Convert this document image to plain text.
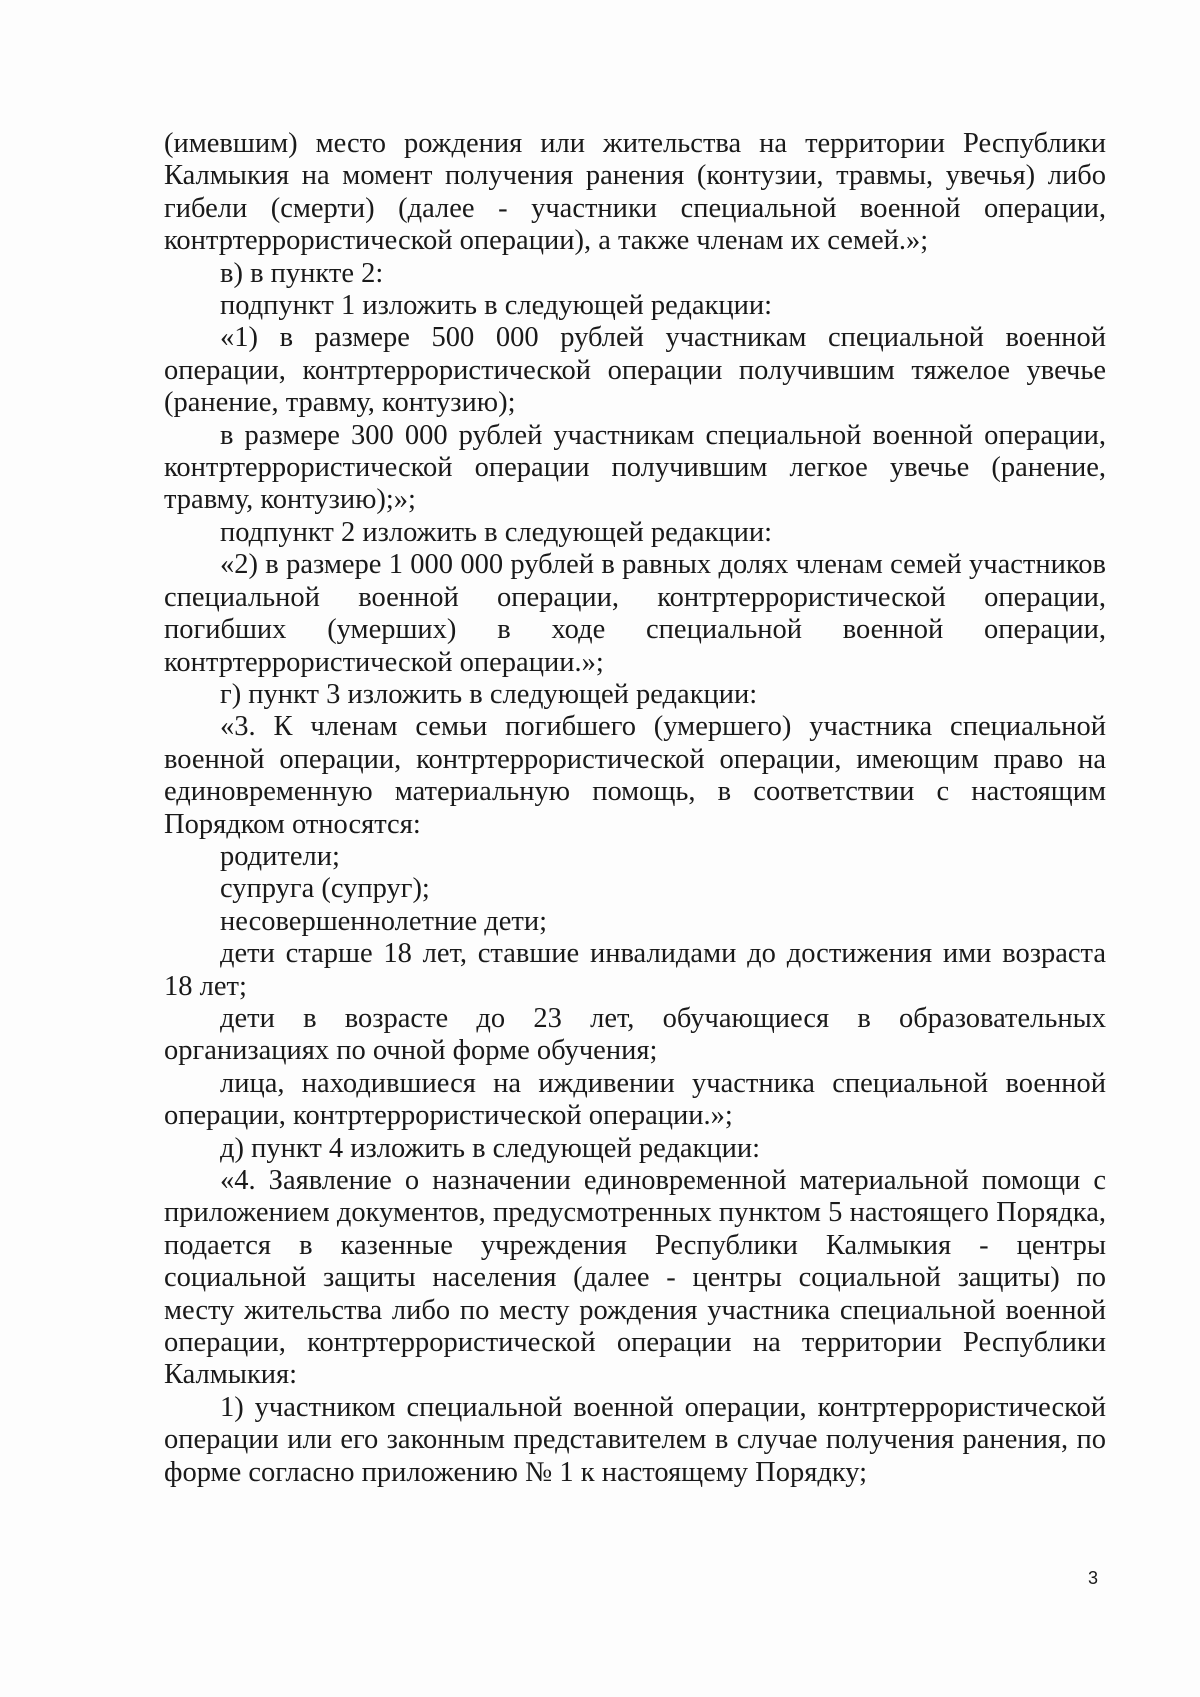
(имевшим) место рождения или жительства на территории Республики Калмыкия на момент получения ранения (контузии, травмы, увечья) либо гибели (смерти) (далее - участники специальной военной операции, контртеррористической операции), а также членам их семей.»;

в) в пункте 2:

подпункт 1 изложить в следующей редакции:

«1) в размере 500 000 рублей участникам специальной военной операции, контртеррористической операции получившим тяжелое увечье (ранение, травму, контузию);

в размере 300 000 рублей участникам специальной военной операции, контртеррористической операции получившим легкое увечье (ранение, травму, контузию);»;

подпункт 2 изложить в следующей редакции:

«2) в размере 1 000 000 рублей в равных долях членам семей участников специальной военной операции, контртеррористической операции, погибших (умерших) в ходе специальной военной операции, контртеррористической операции.»;

г) пункт 3 изложить в следующей редакции:

«3. К членам семьи погибшего (умершего) участника специальной военной операции, контртеррористической операции, имеющим право на единовременную материальную помощь, в соответствии с настоящим Порядком относятся:

родители;

супруга (супруг);

несовершеннолетние дети;

дети старше 18 лет, ставшие инвалидами до достижения ими возраста 18 лет;

дети в возрасте до 23 лет, обучающиеся в образовательных организациях по очной форме обучения;

лица, находившиеся на иждивении участника специальной военной операции, контртеррористической операции.»;

д) пункт 4 изложить в следующей редакции:

«4. Заявление о назначении единовременной материальной помощи с приложением документов, предусмотренных пунктом 5 настоящего Порядка, подается в казенные учреждения Республики Калмыкия - центры социальной защиты населения (далее - центры социальной защиты) по месту жительства либо по месту рождения участника специальной военной операции, контртеррористической операции на территории Республики Калмыкия:

1) участником специальной военной операции, контртеррористической операции или его законным представителем в случае получения ранения, по форме согласно приложению № 1 к настоящему Порядку;

3
